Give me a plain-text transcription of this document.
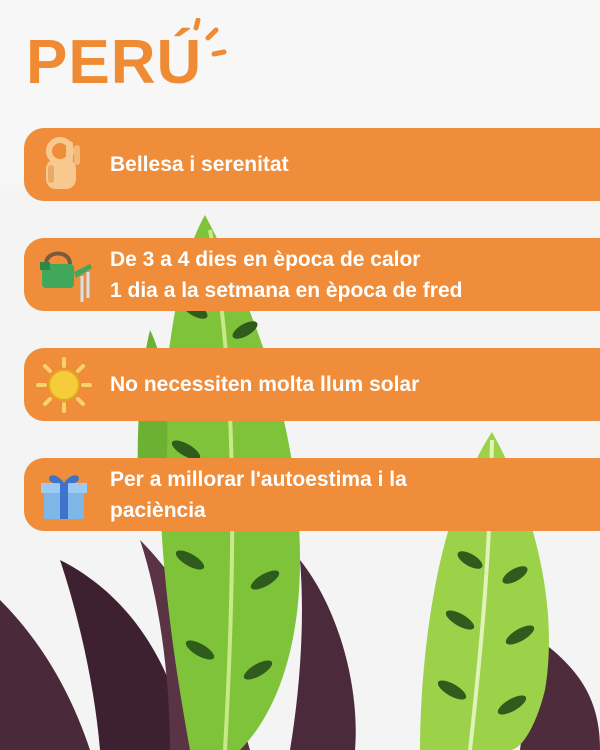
PERÚ
Bellesa i serenitat
De 3 a 4 dies en època de calor
1 dia a la setmana en època de fred
No necessiten molta llum solar
Per a millorar l'autoestima i la
paciència
